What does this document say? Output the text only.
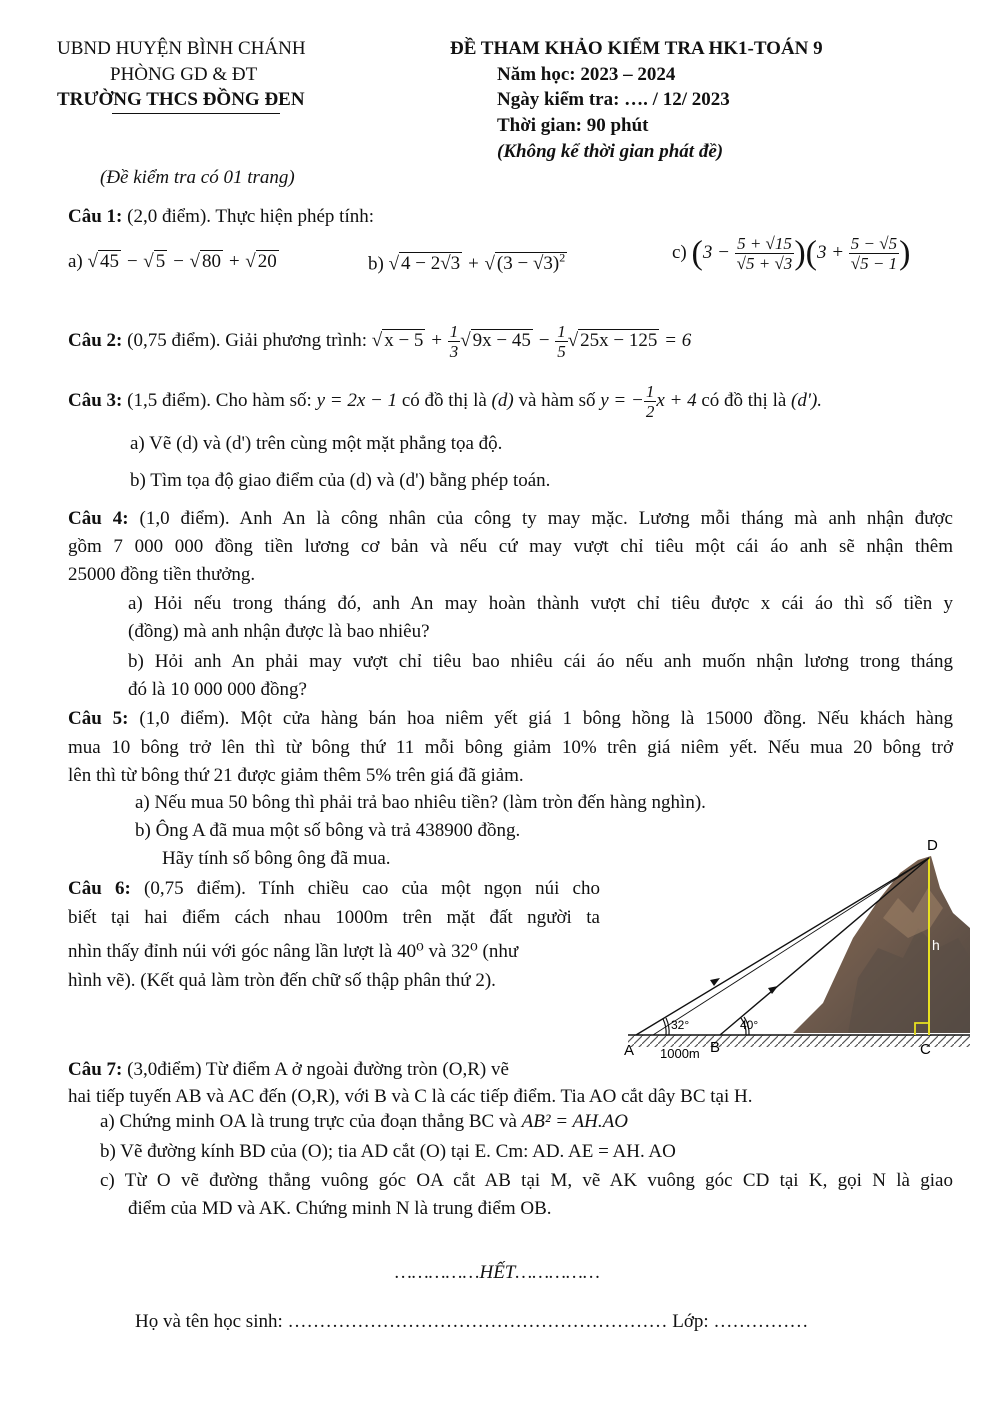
UBND HUYỆN BÌNH CHÁNH
PHÒNG GD & ĐT
TRƯỜNG THCS ĐỒNG ĐEN
ĐỀ THAM KHẢO KIỂM TRA HK1-TOÁN 9
Năm học: 2023 – 2024
Ngày kiểm tra: …. / 12/ 2023
Thời gian: 90 phút
(Không kể thời gian phát đề)
(Đề kiểm tra có 01 trang)
Câu 1: (2,0 điểm). Thực hiện phép tính:
a) √ 45 − √ 5 − √ 80 + √ 20	b) √ 4 − 2√3 + √ $(3 - √3)^2$	c) $(3 - \frac{5 + √15}{√5 + √3} )(3 + \frac{5 - √5}{√5 - 1}$ )
Câu 2: (0,75 điểm). Giải phương trình: √ $x - 5 + \frac{1}{3}$ √ $9x - 45 - \frac{1}{5}$ √ 25x − 125 = 6
Câu 3: (1,5 điểm). Cho hàm số: y = 2x − 1 có đồ thị là (d) và hàm số y = − $\frac{1}{2}$ x + 4 có đồ thị là (d').
a) Vẽ (d) và (d') trên cùng một mặt phẳng tọa độ.
b) Tìm tọa độ giao điểm của (d) và (d') bằng phép toán.
Câu 4: (1,0 điểm). Anh An là công nhân của công ty may mặc. Lương mỗi tháng mà anh nhận được
gồm 7 000 000 đồng tiền lương cơ bản và nếu cứ may vượt chỉ tiêu một cái áo anh sẽ nhận thêm
25000 đồng tiền thưởng.
a) Hỏi nếu trong tháng đó, anh An may hoàn thành vượt chỉ tiêu được x cái áo thì số tiền y
(đồng) mà anh nhận được là bao nhiêu?
b) Hỏi anh An phải may vượt chỉ tiêu bao nhiêu cái áo nếu anh muốn nhận lương trong tháng
đó là 10 000 000 đồng?
Câu 5: (1,0 điểm). Một cửa hàng bán hoa niêm yết giá 1 bông hồng là 15000 đồng. Nếu khách hàng
mua 10 bông trở lên thì từ bông thứ 11 mỗi bông giảm 10% trên giá niêm yết. Nếu mua 20 bông trở
lên thì từ bông thứ 21 được giảm thêm 5% trên giá đã giảm.
a) Nếu mua 50 bông thì phải trả bao nhiêu tiền? (làm tròn đến hàng nghìn).
b) Ông A đã mua một số bông và trả 438900 đồng.
Hãy tính số bông ông đã mua.
Câu 6: (0,75 điểm). Tính chiều cao của một ngọn núi cho
biết tại hai điểm cách nhau 1000m trên mặt đất người ta
nhìn thấy đỉnh núi với góc nâng lần lượt là 40⁰ và 32⁰ (như
hình vẽ). (Kết quả làm tròn đến chữ số thập phân thứ 2).
D
h
A	B	C
32°	40°
1000m
Câu 7: (3,0điểm) Từ điểm A ở ngoài đường tròn (O,R) vẽ
hai tiếp tuyến AB và AC đến (O,R), với B và C là các tiếp điểm. Tia AO cắt dây BC tại H.
a) Chứng minh OA là trung trực của đoạn thẳng BC và AB² = AH.AO
b) Vẽ đường kính BD của (O); tia AD cắt (O) tại E. Cm: AD. AE = AH. AO
c) Từ O vẽ đường thẳng vuông góc OA cắt AB tại M, vẽ AK vuông góc CD tại K, gọi N là giao
điểm của MD và AK. Chứng minh N là trung điểm OB.
……………HẾT……………
Họ và tên học sinh: …………………………………………………… Lớp: ……………
